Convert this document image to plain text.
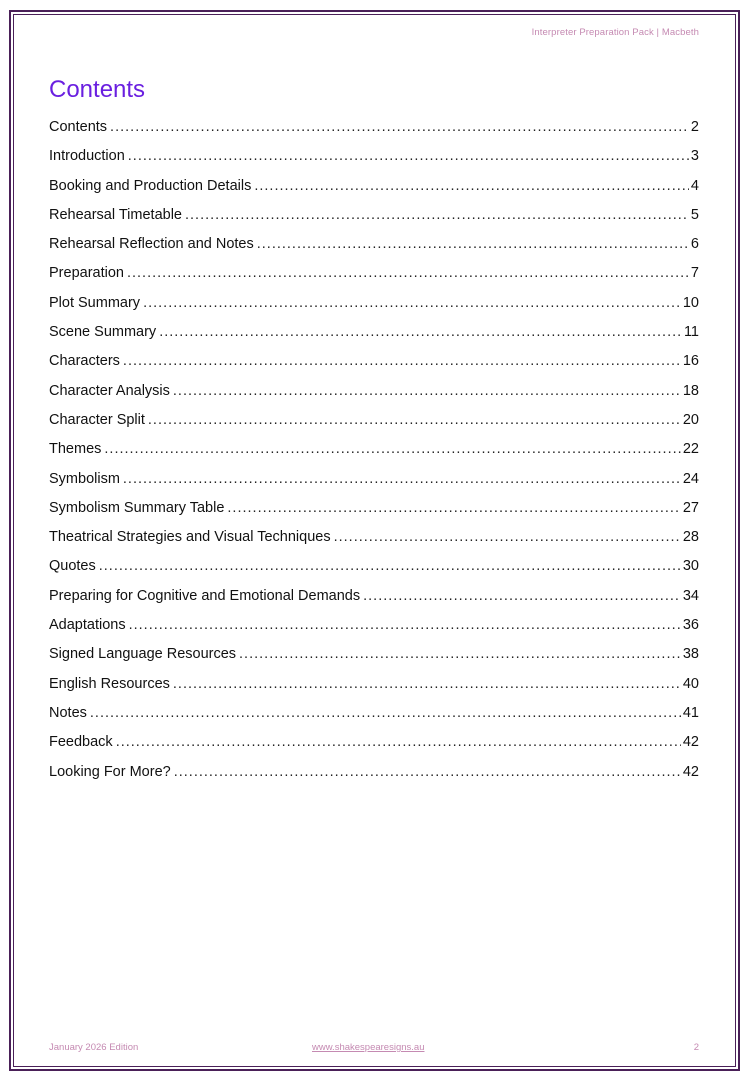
Interpreter Preparation Pack | Macbeth
Contents
Contents .....	2
Introduction .....	3
Booking and Production Details .....	4
Rehearsal Timetable .....	5
Rehearsal Reflection and Notes .....	6
Preparation .....	7
Plot Summary .....	10
Scene Summary .....	11
Characters .....	16
Character Analysis .....	18
Character Split .....	20
Themes .....	22
Symbolism .....	24
Symbolism Summary Table .....	27
Theatrical Strategies and Visual Techniques .....	28
Quotes .....	30
Preparing for Cognitive and Emotional Demands .....	34
Adaptations .....	36
Signed Language Resources .....	38
English Resources .....	40
Notes .....	41
Feedback .....	42
Looking For More? .....	42
January 2026 Edition	www.shakespearesigns.au	2
